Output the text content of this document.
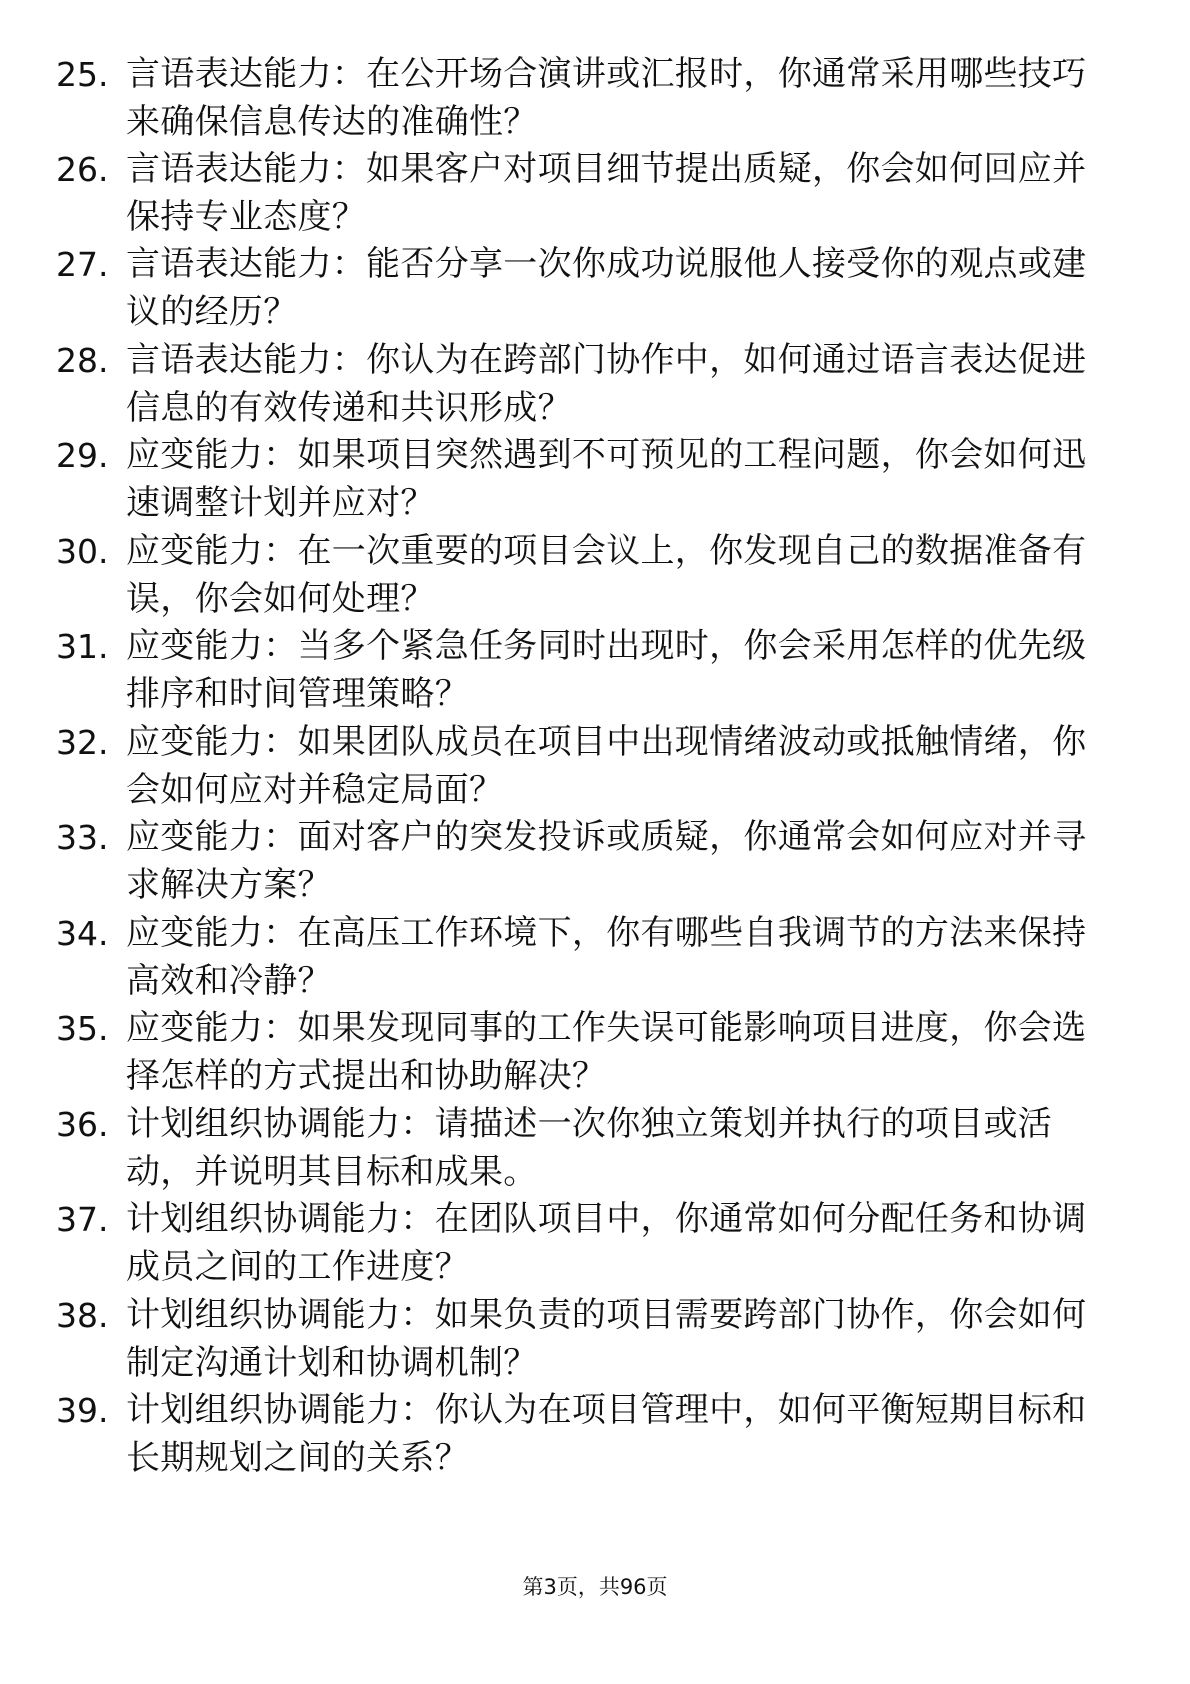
25. 言语表达能力：在公开场合演讲或汇报时，你通常采用哪些技巧
来确保信息传达的准确性？
26. 言语表达能力：如果客户对项目细节提出质疑，你会如何回应并
保持专业态度？
27. 言语表达能力：能否分享一次你成功说服他人接受你的观点或建
议的经历？
28. 言语表达能力：你认为在跨部门协作中，如何通过语言表达促进
信息的有效传递和共识形成？
29. 应变能力：如果项目突然遇到不可预见的工程问题，你会如何迅
速调整计划并应对？
30. 应变能力：在一次重要的项目会议上，你发现自己的数据准备有
误，你会如何处理？
31. 应变能力：当多个紧急任务同时出现时，你会采用怎样的优先级
排序和时间管理策略？
32. 应变能力：如果团队成员在项目中出现情绪波动或抵触情绪，你
会如何应对并稳定局面？
33. 应变能力：面对客户的突发投诉或质疑，你通常会如何应对并寻
求解决方案？
34. 应变能力：在高压工作环境下，你有哪些自我调节的方法来保持
高效和冷静？
35. 应变能力：如果发现同事的工作失误可能影响项目进度，你会选
择怎样的方式提出和协助解决？
36. 计划组织协调能力：请描述一次你独立策划并执行的项目或活
动，并说明其目标和成果。
37. 计划组织协调能力：在团队项目中，你通常如何分配任务和协调
成员之间的工作进度？
38. 计划组织协调能力：如果负责的项目需要跨部门协作，你会如何
制定沟通计划和协调机制？
39. 计划组织协调能力：你认为在项目管理中，如何平衡短期目标和
长期规划之间的关系？
第3页，共96页
